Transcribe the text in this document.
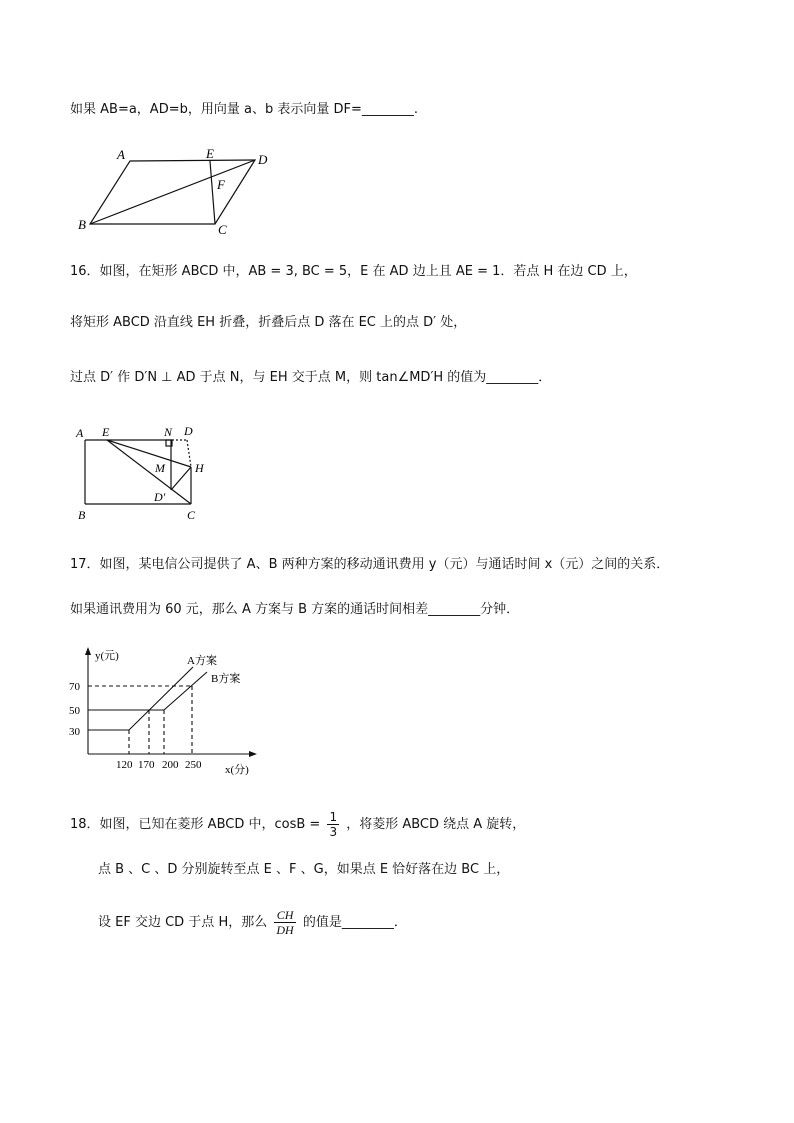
如果 AB=a，AD=b，用向量 a、b 表示向量 DF=________.
A	E	D
F
B	C
16．如图，在矩形 ABCD 中，AB = 3, BC = 5，E 在 AD 边上且 AE = 1．若点 H 在边 CD 上，
将矩形 ABCD 沿直线 EH 折叠，折叠后点 D 落在 EC 上的点 D′ 处，
过点 D′ 作 D′N ⊥ AD 于点 N，与 EH 交于点 M，则 tan∠MD′H 的值为________．
A E	N D
M	H
D′
B	C
17．如图，某电信公司提供了 A、B 两种方案的移动通讯费用 y（元）与通话时间 x（元）之间的关系．
如果通讯费用为 60 元，那么 A 方案与 B 方案的通话时间相差________分钟．
y(元)
x(分)
A方案
B方案
70
50
30
120 170 200 250
18．如图，已知在菱形 ABCD 中，$\cos B = \frac{1}{3}$ ，将菱形 ABCD 绕点 A 旋转，
点 B 、C 、D 分别旋转至点 E 、F 、G，如果点 E 恰好落在边 BC 上，
设 EF 交边 CD 于点 H，那么 $\frac{CH}{DH}$ 的值是________．
